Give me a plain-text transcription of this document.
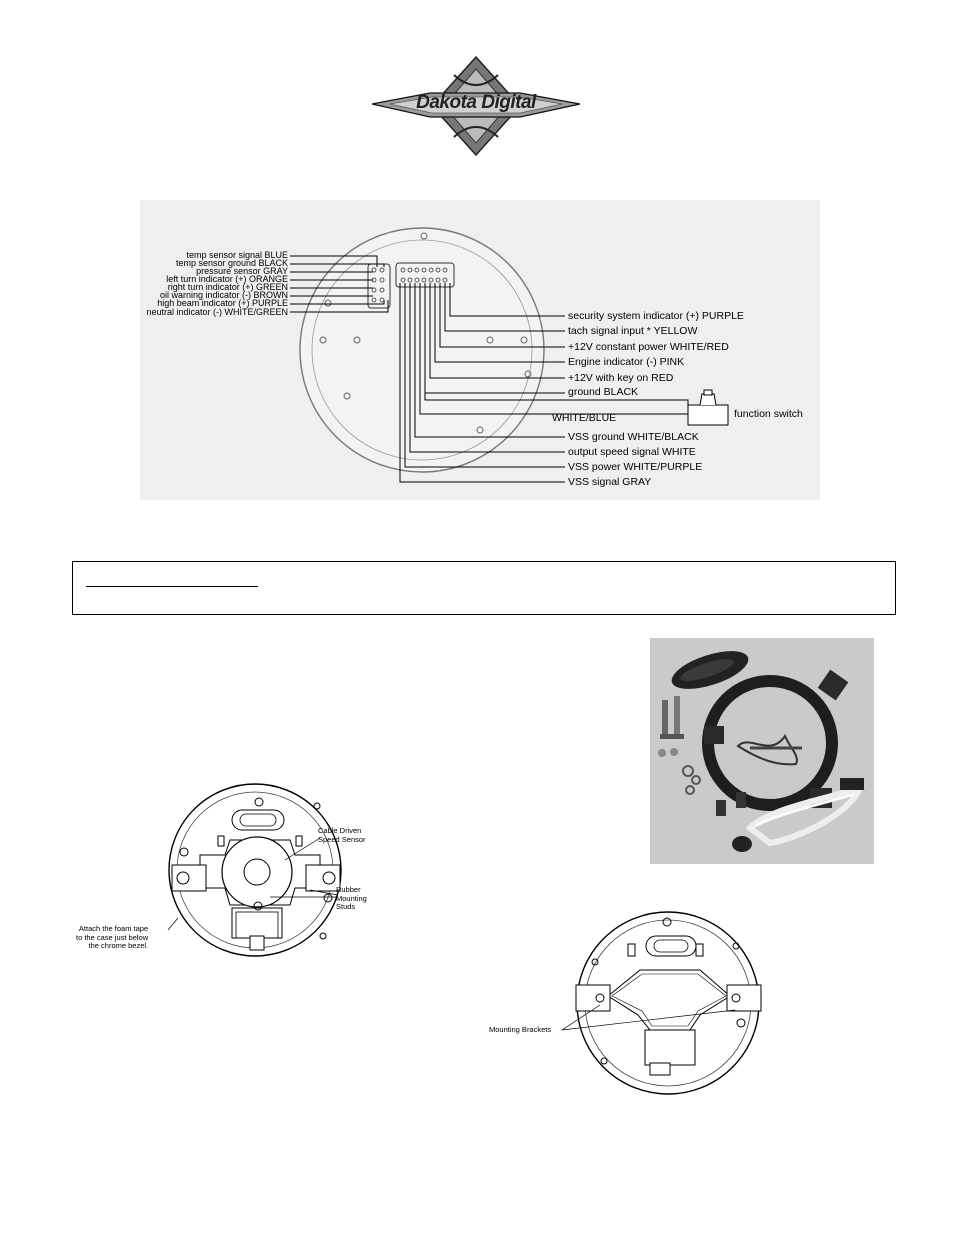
Dakota Digital
temp sensor signal BLUE
temp sensor ground BLACK
pressure sensor GRAY
left turn indicator (+) ORANGE
right turn indicator (+) GREEN
oil warning indicator (-) BROWN
high beam indicator (+) PURPLE
neutral indicator (-) WHITE/GREEN	security system indicator (+) PURPLE
tach signal input * YELLOW
+12V constant power WHITE/RED
Engine indicator (-) PINK
+12V with key on RED
ground BLACK
WHITE/BLUE
VSS ground WHITE/BLACK
output speed signal WHITE
VSS power WHITE/PURPLE
VSS signal GRAY
function switch
Cable Driven
Speed Sensor
Rubber
Mounting
Studs
Attach the foam tape
to the case just below
the chrome bezel.
Mounting Brackets
